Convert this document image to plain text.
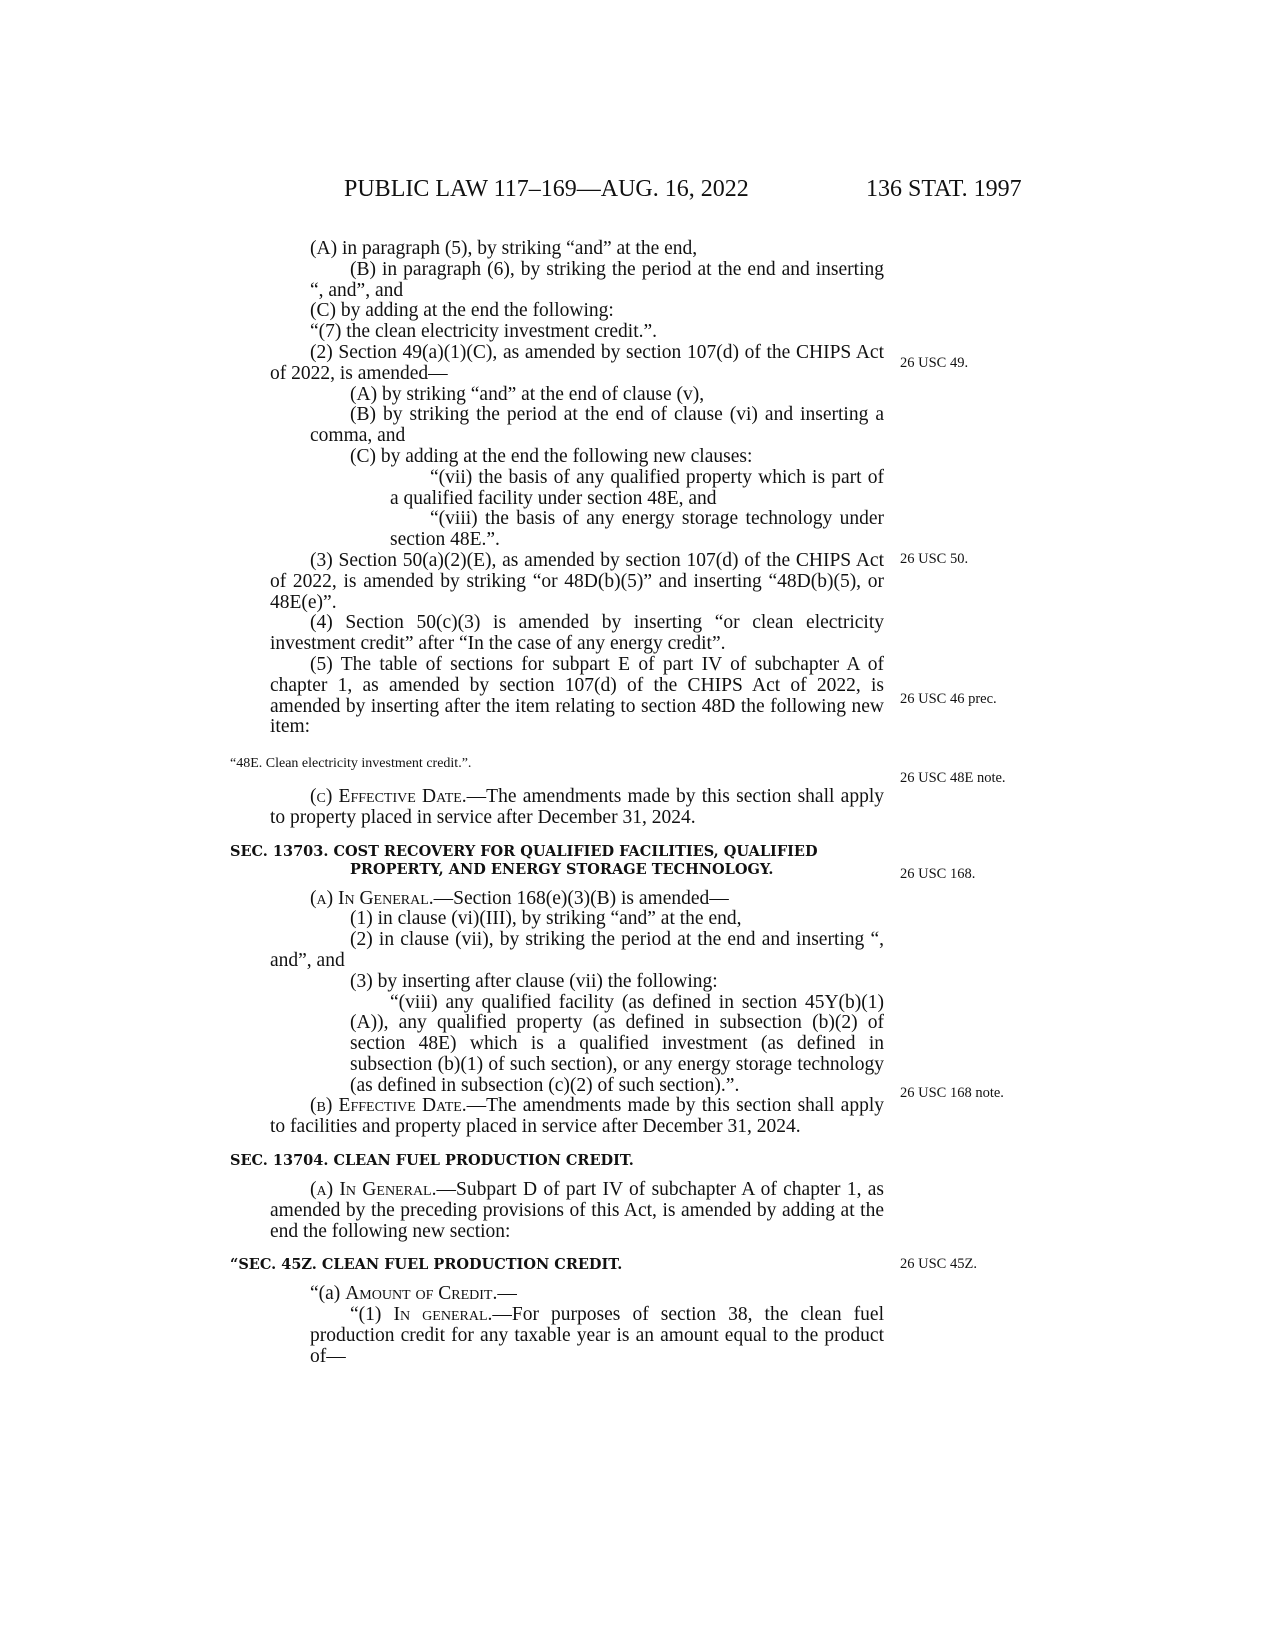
PUBLIC LAW 117–169—AUG. 16, 2022	136 STAT. 1997

(A) in paragraph (5), by striking “and” at the end,

(B) in paragraph (6), by striking the period at the end and inserting “, and”, and

(C) by adding at the end the following:

“(7) the clean electricity investment credit.”.

(2) Section 49(a)(1)(C), as amended by section 107(d) of the CHIPS Act of 2022, is amended—

(A) by striking “and” at the end of clause (v),

(B) by striking the period at the end of clause (vi) and inserting a comma, and

(C) by adding at the end the following new clauses:

“(vii) the basis of any qualified property which is part of a qualified facility under section 48E, and

“(viii) the basis of any energy storage technology under section 48E.”.

(3) Section 50(a)(2)(E), as amended by section 107(d) of the CHIPS Act of 2022, is amended by striking “or 48D(b)(5)” and inserting “48D(b)(5), or 48E(e)”.

(4) Section 50(c)(3) is amended by inserting “or clean electricity investment credit” after “In the case of any energy credit”.

(5) The table of sections for subpart E of part IV of subchapter A of chapter 1, as amended by section 107(d) of the CHIPS Act of 2022, is amended by inserting after the item relating to section 48D the following new item:

“48E. Clean electricity investment credit.”.

(c) Effective Date.—The amendments made by this section shall apply to property placed in service after December 31, 2024.

SEC. 13703. COST RECOVERY FOR QUALIFIED FACILITIES, QUALIFIED
PROPERTY, AND ENERGY STORAGE TECHNOLOGY.

(a) In General.—Section 168(e)(3)(B) is amended—

(1) in clause (vi)(III), by striking “and” at the end,

(2) in clause (vii), by striking the period at the end and inserting “, and”, and

(3) by inserting after clause (vii) the following:

“(viii) any qualified facility (as defined in section 45Y(b)(1)(A)), any qualified property (as defined in subsection (b)(2) of section 48E) which is a qualified investment (as defined in subsection (b)(1) of such section), or any energy storage technology (as defined in subsection (c)(2) of such section).”.

(b) Effective Date.—The amendments made by this section shall apply to facilities and property placed in service after December 31, 2024.

SEC. 13704. CLEAN FUEL PRODUCTION CREDIT.

(a) In General.—Subpart D of part IV of subchapter A of chapter 1, as amended by the preceding provisions of this Act, is amended by adding at the end the following new section:

“SEC. 45Z. CLEAN FUEL PRODUCTION CREDIT.

“(a) Amount of Credit.—

“(1) In general.—For purposes of section 38, the clean fuel production credit for any taxable year is an amount equal to the product of—

26 USC 49.
26 USC 50.
26 USC 46 prec.
26 USC 48E note.
26 USC 168.
26 USC 168 note.
26 USC 45Z.
